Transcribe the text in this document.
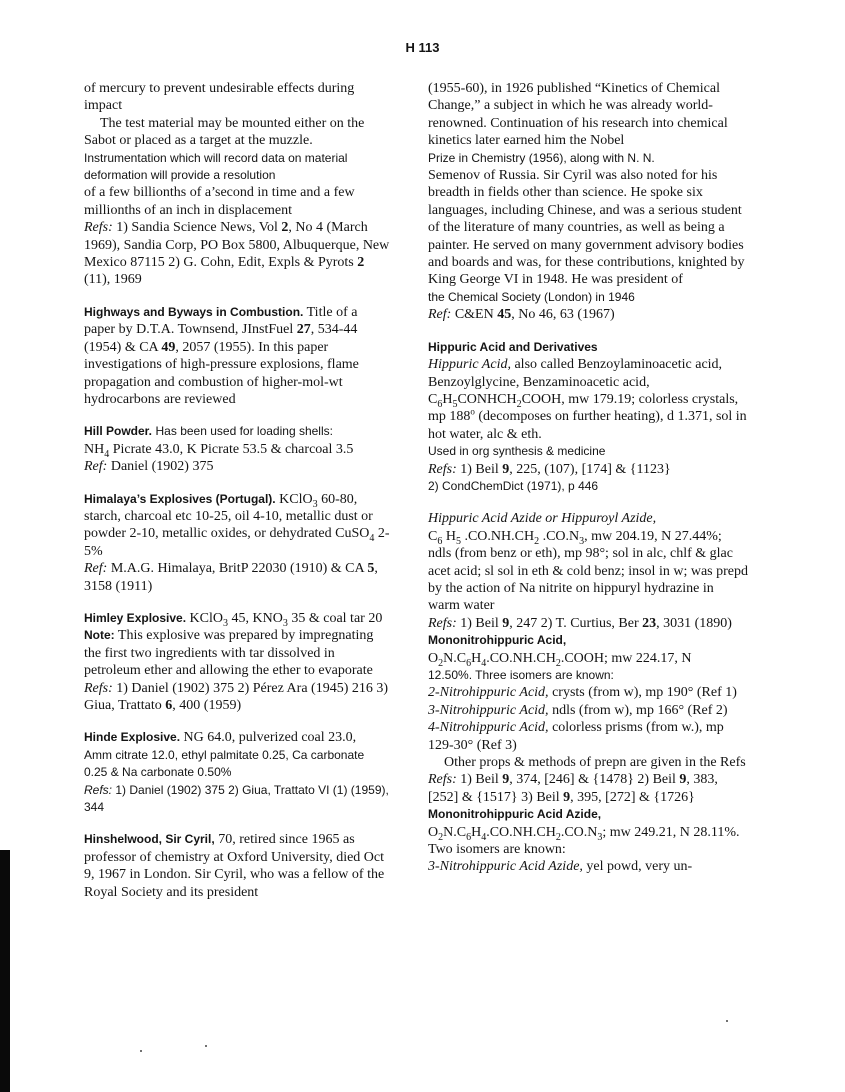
H 113

of mercury to prevent undesirable effects during impact

The test material may be mounted either on the Sabot or placed as a target at the muzzle.

Instrumentation which will record data on material deformation will provide a resolution

of a few billionths of a’second in time and a few millionths of an inch in displacement

Refs: 1) Sandia Science News, Vol 2, No 4 (March 1969), Sandia Corp, PO Box 5800, Albuquerque, New Mexico 87115 2) G. Cohn, Edit, Expls & Pyrots 2 (11), 1969

Highways and Byways in Combustion. Title of a paper by D.T.A. Townsend, JInstFuel 27, 534-44 (1954) & CA 49, 2057 (1955). In this paper investigations of high-pressure explosions, flame propagation and combustion of higher-mol-wt hydrocarbons are reviewed

Hill Powder. Has been used for loading shells:

$NH_4$ Picrate 43.0, K Picrate 53.5 & charcoal 3.5

Ref: Daniel (1902) 375

Himalaya’s Explosives (Portugal). KClO$_3$ 60-80, starch, charcoal etc 10-25, oil 4-10, metallic dust or powder 2-10, metallic oxides, or dehydrated CuSO$_4$ 2-5%

Ref: M.A.G. Himalaya, BritP 22030 (1910) & CA 5, 3158 (1911)

Himley Explosive. KClO$_3$ 45, $KNO_3$ 35 & coal tar 20

Note: This explosive was prepared by impregnating the first two ingredients with tar dissolved in petroleum ether and allowing the ether to evaporate

Refs: 1) Daniel (1902) 375 2) Pérez Ara (1945) 216 3) Giua, Trattato 6, 400 (1959)

Hinde Explosive. NG 64.0, pulverized coal 23.0,

Amm citrate 12.0, ethyl palmitate 0.25, Ca carbonate 0.25 & Na carbonate 0.50%

Refs: 1) Daniel (1902) 375 2) Giua, Trattato VI (1) (1959), 344

Hinshelwood, Sir Cyril, 70, retired since 1965 as professor of chemistry at Oxford University, died Oct 9, 1967 in London. Sir Cyril, who was a fellow of the Royal Society and its president

(1955-60), in 1926 published “Kinetics of Chemical Change,” a subject in which he was already world-renowned. Continuation of his research into chemical kinetics later earned him the Nobel

Prize in Chemistry (1956), along with N. N.

Semenov of Russia. Sir Cyril was also noted for his breadth in fields other than science. He spoke six languages, including Chinese, and was a serious student of the literature of many countries, as well as being a painter. He served on many government advisory bodies and boards and was, for these contributions, knighted by King George VI in 1948. He was president of

the Chemical Society (London) in 1946

Ref: C&EN 45, No 46, 63 (1967)

Hippuric Acid and Derivatives

Hippuric Acid, also called Benzoylaminoacetic acid, Benzoylglycine, Benzaminoacetic acid, $C_6H_5CONHCH_2COOH$, mw 179.19; colorless crystals, mp 188$^o$ (decomposes on further heating), d 1.371, sol in hot water, alc & eth.

Used in org synthesis & medicine

Refs: 1) Beil 9, 225, (107), [174] & {1123}

2) CondChemDict (1971), p 446

Hippuric Acid Azide or Hippuroyl Azide,

$C_6$ $H_5$ $.CO.NH.CH_2$ $.CO.N_3$, mw 204.19, N 27.44%; ndls (from benz or eth), mp 98°; sol in alc, chlf & glac acet acid; sl sol in eth & cold benz; insol in w; was prepd by the action of Na nitrite on hippuryl hydrazine in warm water

Refs: 1) Beil 9, 247 2) T. Curtius, Ber 23, 3031 (1890)

Mononitrohippuric Acid,

$O_2N.C_6H_4.CO.NH.CH_2.COOH$; mw 224.17, N

12.50%. Three isomers are known:

2-Nitrohippuric Acid, crysts (from w), mp 190° (Ref 1)

3-Nitrohippuric Acid, ndls (from w), mp 166° (Ref 2)

4-Nitrohippuric Acid, colorless prisms (from w.), mp 129-30° (Ref 3)

Other props & methods of prepn are given in the Refs

Refs: 1) Beil 9, 374, [246] & {1478} 2) Beil 9, 383, [252] & {1517} 3) Beil 9, 395, [272] & {1726}

Mononitrohippuric Acid Azide,

$O_2N.C_6H_4.CO.NH.CH_2.CO.N_3$; mw 249.21, N 28.11%. Two isomers are known:

3-Nitrohippuric Acid Azide, yel powd, very un-
